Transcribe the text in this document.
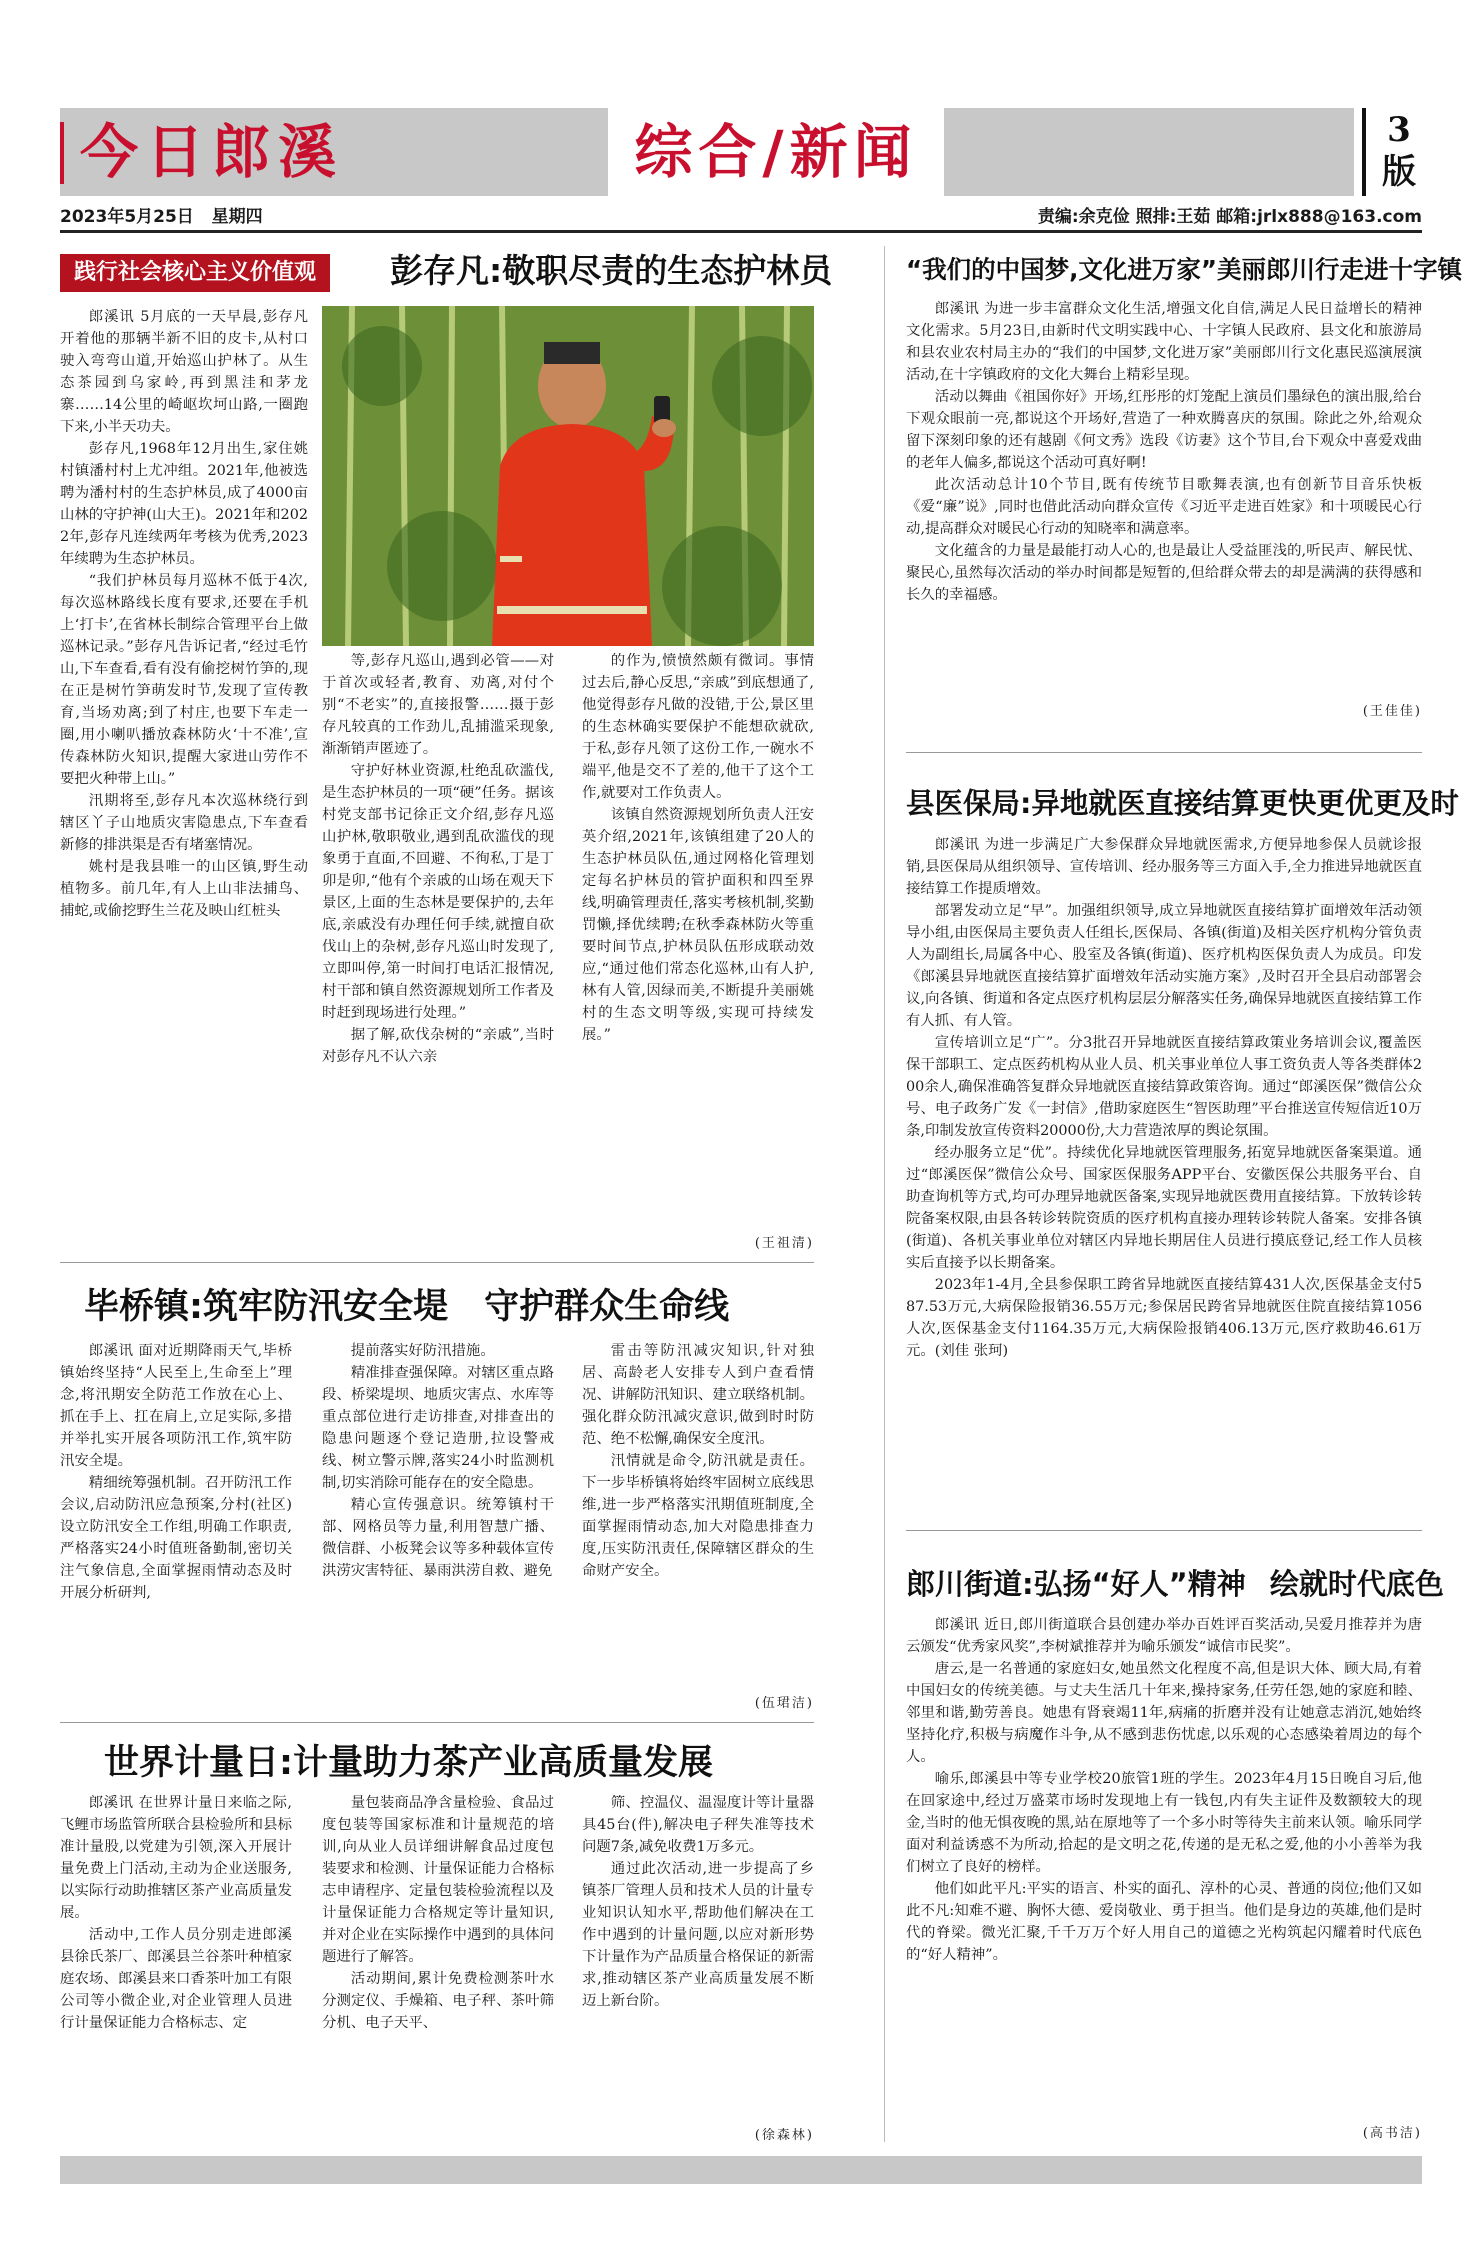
今日郎溪	综合/新闻	3
版
2023年5月25日 星期四	责编:余克俭 照排:王茹 邮箱:jrlx888@163.com
践行社会核心主义价值观	彭存凡:敬职尽责的生态护林员

郎溪讯 5月底的一天早晨,彭存凡开着他的那辆半新不旧的皮卡,从村口驶入弯弯山道,开始巡山护林了。从生态茶园到乌家岭,再到黑洼和茅龙寨……14公里的崎岖坎坷山路,一圈跑下来,小半天功夫。

彭存凡,1968年12月出生,家住姚村镇潘村村上尤冲组。2021年,他被选聘为潘村村的生态护林员,成了4000亩山林的守护神(山大王)。2021年和2022年,彭存凡连续两年考核为优秀,2023年续聘为生态护林员。

“我们护林员每月巡林不低于4次,每次巡林路线长度有要求,还要在手机上‘打卡’,在省林长制综合管理平台上做巡林记录。”彭存凡告诉记者,“经过毛竹山,下车查看,看有没有偷挖树竹笋的,现在正是树竹笋萌发时节,发现了宣传教育,当场劝离;到了村庄,也要下车走一圈,用小喇叭播放森林防火‘十不准’,宣传森林防火知识,提醒大家进山劳作不要把火种带上山。”

汛期将至,彭存凡本次巡林绕行到辖区丫子山地质灾害隐患点,下车查看新修的排洪渠是否有堵塞情况。

姚村是我县唯一的山区镇,野生动植物多。前几年,有人上山非法捕鸟、捕蛇,或偷挖野生兰花及映山红桩头

等,彭存凡巡山,遇到必管——对于首次或轻者,教育、劝离,对付个别“不老实”的,直接报警……摄于彭存凡较真的工作劲儿,乱捕滥采现象,渐渐销声匿迹了。

守护好林业资源,杜绝乱砍滥伐,是生态护林员的一项“硬”任务。据该村党支部书记徐正文介绍,彭存凡巡山护林,敬职敬业,遇到乱砍滥伐的现象勇于直面,不回避、不徇私,丁是丁卯是卯,“他有个亲戚的山场在观天下景区,上面的生态林是要保护的,去年底,亲戚没有办理任何手续,就擅自砍伐山上的杂树,彭存凡巡山时发现了,立即叫停,第一时间打电话汇报情况,村干部和镇自然资源规划所工作者及时赶到现场进行处理。”

据了解,砍伐杂树的“亲戚”,当时对彭存凡不认六亲

的作为,愤愤然颇有微词。事情过去后,静心反思,“亲戚”到底想通了,他觉得彭存凡做的没错,于公,景区里的生态林确实要保护不能想砍就砍,于私,彭存凡领了这份工作,一碗水不端平,他是交不了差的,他干了这个工作,就要对工作负责人。

该镇自然资源规划所负责人汪安英介绍,2021年,该镇组建了20人的生态护林员队伍,通过网格化管理划定每名护林员的管护面积和四至界线,明确管理责任,落实考核机制,奖勤罚懒,择优续聘;在秋季森林防火等重要时间节点,护林员队伍形成联动效应,“通过他们常态化巡林,山有人护,林有人管,因绿而美,不断提升美丽姚村的生态文明等级,实现可持续发展。”

(王祖清)
毕桥镇:筑牢防汛安全堤 守护群众生命线

郎溪讯 面对近期降雨天气,毕桥镇始终坚持“人民至上,生命至上”理念,将汛期安全防范工作放在心上、抓在手上、扛在肩上,立足实际,多措并举扎实开展各项防汛工作,筑牢防汛安全堤。

精细统筹强机制。召开防汛工作会议,启动防汛应急预案,分村(社区)设立防汛安全工作组,明确工作职责,严格落实24小时值班备勤制,密切关注气象信息,全面掌握雨情动态及时开展分析研判,

提前落实好防汛措施。

精准排查强保障。对辖区重点路段、桥梁堤坝、地质灾害点、水库等重点部位进行走访排查,对排查出的隐患问题逐个登记造册,拉设警戒线、树立警示牌,落实24小时监测机制,切实消除可能存在的安全隐患。

精心宣传强意识。统筹镇村干部、网格员等力量,利用智慧广播、微信群、小板凳会议等多种载体宣传洪涝灾害特征、暴雨洪涝自救、避免

雷击等防汛减灾知识,针对独居、高龄老人安排专人到户查看情况、讲解防汛知识、建立联络机制。强化群众防汛减灾意识,做到时时防范、绝不松懈,确保安全度汛。

汛情就是命令,防汛就是责任。下一步毕桥镇将始终牢固树立底线思维,进一步严格落实汛期值班制度,全面掌握雨情动态,加大对隐患排查力度,压实防汛责任,保障辖区群众的生命财产安全。

(伍珺洁)
世界计量日:计量助力茶产业高质量发展

郎溪讯 在世界计量日来临之际,飞鲤市场监管所联合县检验所和县标准计量股,以党建为引领,深入开展计量免费上门活动,主动为企业送服务,以实际行动助推辖区茶产业高质量发展。

活动中,工作人员分别走进郎溪县徐氏茶厂、郎溪县兰谷茶叶种植家庭农场、郎溪县来口香茶叶加工有限公司等小微企业,对企业管理人员进行计量保证能力合格标志、定

量包装商品净含量检验、食品过度包装等国家标准和计量规范的培训,向从业人员详细讲解食品过度包装要求和检测、计量保证能力合格标志申请程序、定量包装检验流程以及计量保证能力合格规定等计量知识,并对企业在实际操作中遇到的具体问题进行了解答。

活动期间,累计免费检测茶叶水分测定仪、手燥箱、电子秤、茶叶筛分机、电子天平、

筛、控温仪、温湿度计等计量器具45台(件),解决电子秤失准等技术问题7条,减免收费1万多元。

通过此次活动,进一步提高了乡镇茶厂管理人员和技术人员的计量专业知识认知水平,帮助他们解决在工作中遇到的计量问题,以应对新形势下计量作为产品质量合格保证的新需求,推动辖区茶产业高质量发展不断迈上新台阶。

(徐森林)
“我们的中国梦,文化进万家”美丽郎川行走进十字镇

郎溪讯 为进一步丰富群众文化生活,增强文化自信,满足人民日益增长的精神文化需求。5月23日,由新时代文明实践中心、十字镇人民政府、县文化和旅游局和县农业农村局主办的“我们的中国梦,文化进万家”美丽郎川行文化惠民巡演展演活动,在十字镇政府的文化大舞台上精彩呈现。

活动以舞曲《祖国你好》开场,红彤彤的灯笼配上演员们墨绿色的演出服,给台下观众眼前一亮,都说这个开场好,营造了一种欢腾喜庆的氛围。除此之外,给观众留下深刻印象的还有越剧《何文秀》选段《访妻》这个节目,台下观众中喜爱戏曲的老年人偏多,都说这个活动可真好啊!

此次活动总计10个节目,既有传统节目歌舞表演,也有创新节目音乐快板《爱“廉”说》,同时也借此活动向群众宣传《习近平走进百姓家》和十项暖民心行动,提高群众对暖民心行动的知晓率和满意率。

文化蕴含的力量是最能打动人心的,也是最让人受益匪浅的,听民声、解民忧、聚民心,虽然每次活动的举办时间都是短暂的,但给群众带去的却是满满的获得感和长久的幸福感。

(王佳佳)
县医保局:异地就医直接结算更快更优更及时

郎溪讯 为进一步满足广大参保群众异地就医需求,方便异地参保人员就诊报销,县医保局从组织领导、宣传培训、经办服务等三方面入手,全力推进异地就医直接结算工作提质增效。

部署发动立足“早”。加强组织领导,成立异地就医直接结算扩面增效年活动领导小组,由医保局主要负责人任组长,医保局、各镇(街道)及相关医疗机构分管负责人为副组长,局属各中心、股室及各镇(街道)、医疗机构医保负责人为成员。印发《郎溪县异地就医直接结算扩面增效年活动实施方案》,及时召开全县启动部署会议,向各镇、街道和各定点医疗机构层层分解落实任务,确保异地就医直接结算工作有人抓、有人管。

宣传培训立足“广”。分3批召开异地就医直接结算政策业务培训会议,覆盖医保干部职工、定点医药机构从业人员、机关事业单位人事工资负责人等各类群体200余人,确保准确答复群众异地就医直接结算政策咨询。通过“郎溪医保”微信公众号、电子政务广发《一封信》,借助家庭医生“智医助理”平台推送宣传短信近10万条,印制发放宣传资料20000份,大力营造浓厚的舆论氛围。

经办服务立足“优”。持续优化异地就医管理服务,拓宽异地就医备案渠道。通过“郎溪医保”微信公众号、国家医保服务APP平台、安徽医保公共服务平台、自助查询机等方式,均可办理异地就医备案,实现异地就医费用直接结算。下放转诊转院备案权限,由县各转诊转院资质的医疗机构直接办理转诊转院人备案。安排各镇(街道)、各机关事业单位对辖区内异地长期居住人员进行摸底登记,经工作人员核实后直接予以长期备案。

2023年1-4月,全县参保职工跨省异地就医直接结算431人次,医保基金支付587.53万元,大病保险报销36.55万元;参保居民跨省异地就医住院直接结算1056人次,医保基金支付1164.35万元,大病保险报销406.13万元,医疗救助46.61万元。(刘佳 张珂)

郎川街道:弘扬“好人”精神 绘就时代底色

郎溪讯 近日,郎川街道联合县创建办举办百姓评百奖活动,吴爱月推荐并为唐云颁发“优秀家风奖”,李树斌推荐并为喻乐颁发“诚信市民奖”。

唐云,是一名普通的家庭妇女,她虽然文化程度不高,但是识大体、顾大局,有着中国妇女的传统美德。与丈夫生活几十年来,操持家务,任劳任怨,她的家庭和睦、邻里和谐,勤劳善良。她患有肾衰竭11年,病痛的折磨并没有让她意志消沉,她始终坚持化疗,积极与病魔作斗争,从不感到悲伤忧虑,以乐观的心态感染着周边的每个人。

喻乐,郎溪县中等专业学校20旅管1班的学生。2023年4月15日晚自习后,他在回家途中,经过万盛菜市场时发现地上有一钱包,内有失主证件及数额较大的现金,当时的他无惧夜晚的黑,站在原地等了一个多小时等待失主前来认领。喻乐同学面对利益诱惑不为所动,拾起的是文明之花,传递的是无私之爱,他的小小善举为我们树立了良好的榜样。

他们如此平凡:平实的语言、朴实的面孔、淳朴的心灵、普通的岗位;他们又如此不凡:知难不避、胸怀大德、爱岗敬业、勇于担当。他们是身边的英雄,他们是时代的脊梁。微光汇聚,千千万万个好人用自己的道德之光构筑起闪耀着时代底色的“好人精神”。

(高书洁)
